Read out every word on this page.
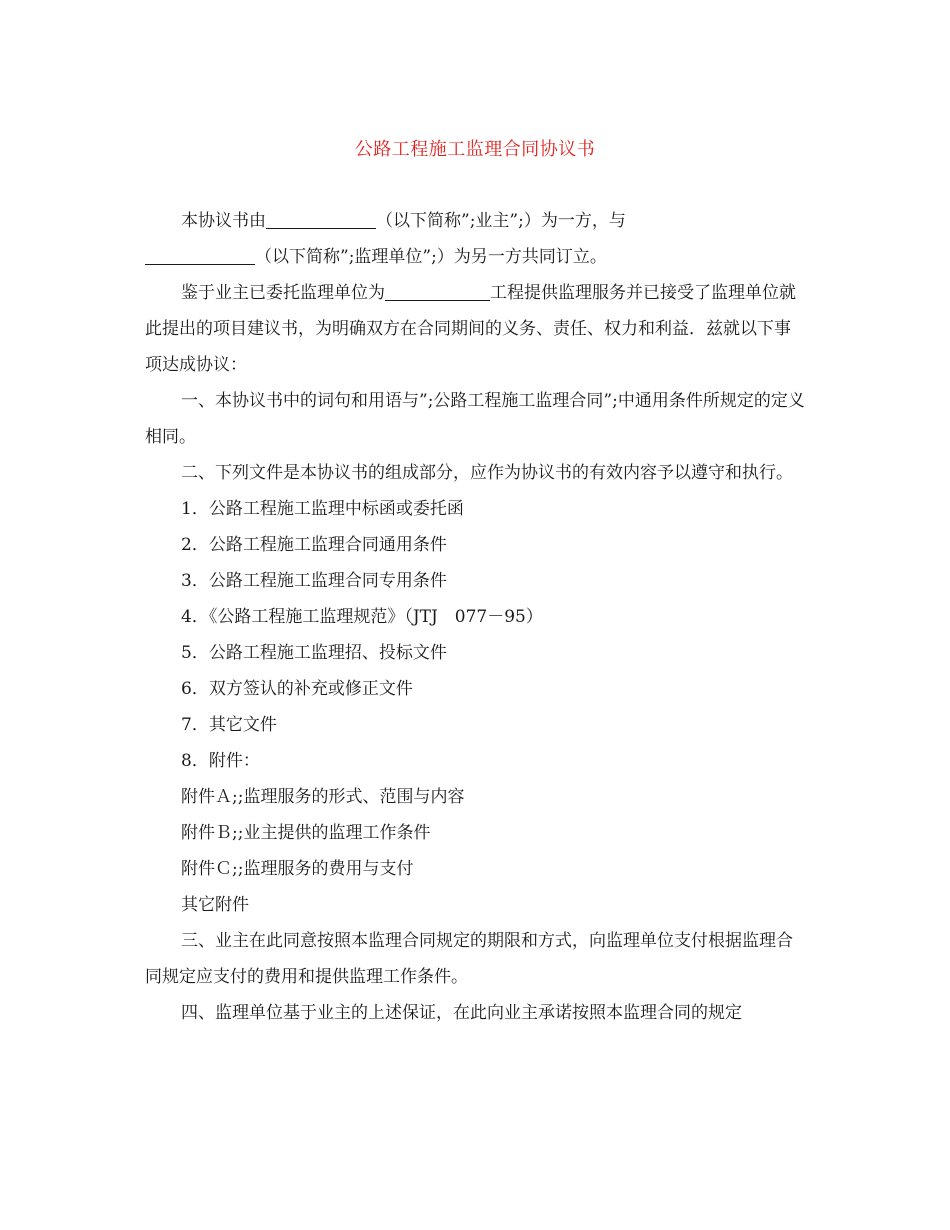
公路工程施工监理合同协议书

本协议书由	（以下简称”;业主”;）为一方，与
（以下简称”;监理单位”;）为另一方共同订立。

鉴于业主已委托监理单位为	工程提供监理服务并已接受了监理单位就此提出的项目建议书，为明确双方在合同期间的义务、责任、权力和利益．兹就以下事项达成协议：

一、本协议书中的词句和用语与”;公路工程施工监理合同”;中通用条件所规定的定义相同。

二、下列文件是本协议书的组成部分，应作为协议书的有效内容予以遵守和执行。

1．公路工程施工监理中标函或委托函

2．公路工程施工监理合同通用条件

3．公路工程施工监理合同专用条件

4．《公路工程施工监理规范》（JTJ　077－95）

5．公路工程施工监理招、投标文件

6．双方签认的补充或修正文件

7．其它文件

8．附件：

附件Ａ;;监理服务的形式、范围与内容

附件Ｂ;;业主提供的监理工作条件

附件Ｃ;;监理服务的费用与支付

其它附件

三、业主在此同意按照本监理合同规定的期限和方式，向监理单位支付根据监理合同规定应支付的费用和提供监理工作条件。

四、监理单位基于业主的上述保证，在此向业主承诺按照本监理合同的规定
